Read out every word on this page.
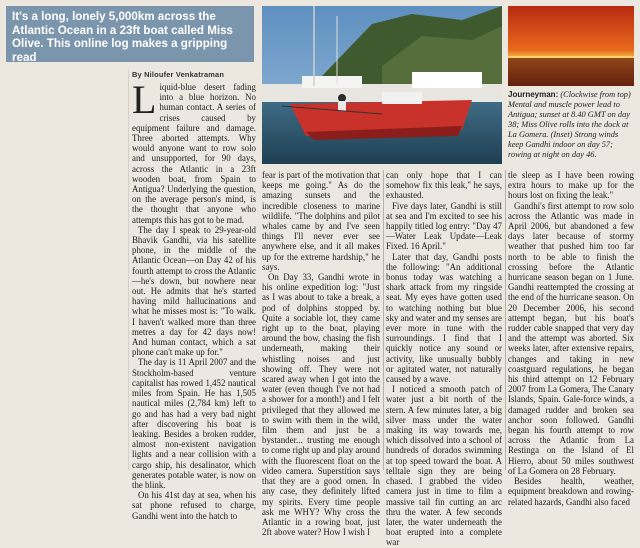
It's a long, lonely 5,000km across the Atlantic Ocean in a 23ft boat called Miss Olive. This online log makes a gripping read

By Niloufer Venkatraman

Liquid-blue desert fading into a blue horizon. No human contact. A series of crises caused by equipment failure and damage. Three aborted attempts. Why would anyone want to row solo and unsupported, for 90 days, across the Atlantic in a 23ft wooden boat, from Spain to Antigua? Underlying the question, on the average person's mind, is the thought that anyone who attempts this has got to be mad.

The day I speak to 29-year-old Bhavik Gandhi, via his satellite phone, in the middle of the Atlantic Ocean—on Day 42 of his fourth attempt to cross the Atlantic—he's down, but nowhere near out. He admits that he's started having mild hallucinations and what he misses most is: "To walk. I haven't walked more than three metres a day for 42 days now! And human contact, which a sat phone can't make up for."

The day is 11 April 2007 and the Stockholm-based venture capitalist has rowed 1,452 nautical miles from Spain. He has 1,505 nautical miles (2,784 km) left to go and has had a very bad night after discovering his boat is leaking. Besides a broken rudder, almost non-existent navigation lights and a near collision with a cargo ship, his desalinator, which generates potable water, is now on the blink.

On his 41st day at sea, when his sat phone refused to charge, Gandhi went into the hatch to

Journeyman: (Clockwise from top) Mental and muscle power lead to Antigua; sunset at 8.40 GMT on day 38; Miss Olive rolls into the dock at La Gomera. (Inset) Strong winds keep Gandhi indoor on day 57; rowing at night on day 46.

fear is part of the motivation that keeps me going." As do the amazing sunsets and the incredible closeness to marine wildlife. "The dolphins and pilot whales came by and I've seen things I'll never ever see anywhere else, and it all makes up for the extreme hardship," he says.

On Day 33, Gandhi wrote in his online expedition log: "Just as I was about to take a break, a pod of dolphins stopped by. Quite a sociable lot, they came right up to the boat, playing around the bow, chasing the fish underneath, making their whistling noises and just showing off. They were not scared away when I got into the water (even though I've not had a shower for a month!) and I felt privileged that they allowed me to swim with them in the wild, film them and just be a bystander... trusting me enough to come right up and play around with the fluorescent float on the video camera. Superstition says that they are a good omen. In any case, they definitely lifted my spirits. Every time people ask me WHY? Why cross the Atlantic in a rowing boat, just 2ft above water? How I wish I

can only hope that I can somehow fix this leak," he says, exhausted.

Five days later, Gandhi is still at sea and I'm excited to see his happily titled log entry: "Day 47—Water Leak Update—Leak Fixed. 16 April."

Later that day, Gandhi posts the following: "An additional bonus today was watching a shark attack from my ringside seat. My eyes have gotten used to watching nothing but blue sky and water and my senses are ever more in tune with the surroundings. I find that I quickly notice any sound or activity, like unusually bubbly or agitated water, not naturally caused by a wave.

I noticed a smooth patch of water just a bit north of the stern. A few minutes later, a big silver mass under the water making its way towards me, which dissolved into a school of hundreds of dorados swimming at top speed toward the boat. A telltale sign they are being chased. I grabbed the video camera just in time to film a massive tail fin cutting an arc thru the water. A few seconds later, the water underneath the boat erupted into a complete war

tle sleep as I have been rowing extra hours to make up for the hours lost on fixing the leak."

Gandhi's first attempt to row solo across the Atlantic was made in April 2006, but abandoned a few days later because of stormy weather that pushed him too far north to be able to finish the crossing before the Atlantic hurricane season began on 1 June. Gandhi reattempted the crossing at the end of the hurricane season. On 20 December 2006, his second attempt began, but his boat's rudder cable snapped that very day and the attempt was aborted. Six weeks later, after extensive repairs, changes and taking in new coastguard regulations, he began his third attempt on 12 February 2007 from La Gomera, The Canary Islands, Spain. Gale-force winds, a damaged rudder and broken sea anchor soon followed. Gandhi began his fourth attempt to row across the Atlantic from La Restinga on the Island of El Hierro, about 50 miles southwest of La Gomera on 28 February.

Besides health, weather, equipment breakdown and rowing-related hazards, Gandhi also faced
